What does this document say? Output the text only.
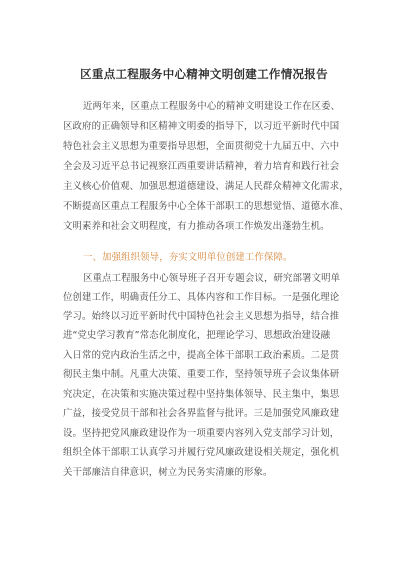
区重点工程服务中心精神文明创建工作情况报告
近两年来，区重点工程服务中心的精神文明建设工作在区委、
区政府的正确领导和区精神文明委的指导下，以习近平新时代中国
特色社会主义思想为重要指导思想，全面贯彻党十九届五中、六中
全会及习近平总书记视察江西重要讲话精神，着力培育和践行社会
主义核心价值观、加强思想道德建设、满足人民群众精神文化需求，
不断提高区重点工程服务中心全体干部职工的思想觉悟、道德水准、
文明素养和社会文明程度，有力推动各项工作焕发出蓬勃生机。
一、加强组织领导，夯实文明单位创建工作保障。
区重点工程服务中心领导班子召开专题会议，研究部署文明单
位创建工作，明确责任分工、具体内容和工作目标。一是强化理论
学习。始终以习近平新时代中国特色社会主义思想为指导，结合推
进“党史学习教育”常态化制度化，把理论学习、思想政治建设融
入日常的党内政治生活之中，提高全体干部职工政治素质。二是贯
彻民主集中制。凡重大决策、重要工作，坚持领导班子会议集体研
究决定，在决策和实施决策过程中坚持集体领导、民主集中，集思
广益，接受党员干部和社会各界监督与批评。三是加强党风廉政建
设。坚持把党风廉政建设作为一项重要内容列入党支部学习计划，
组织全体干部职工认真学习并履行党风廉政建设相关规定，强化机
关干部廉洁自律意识，树立为民务实清廉的形象。
